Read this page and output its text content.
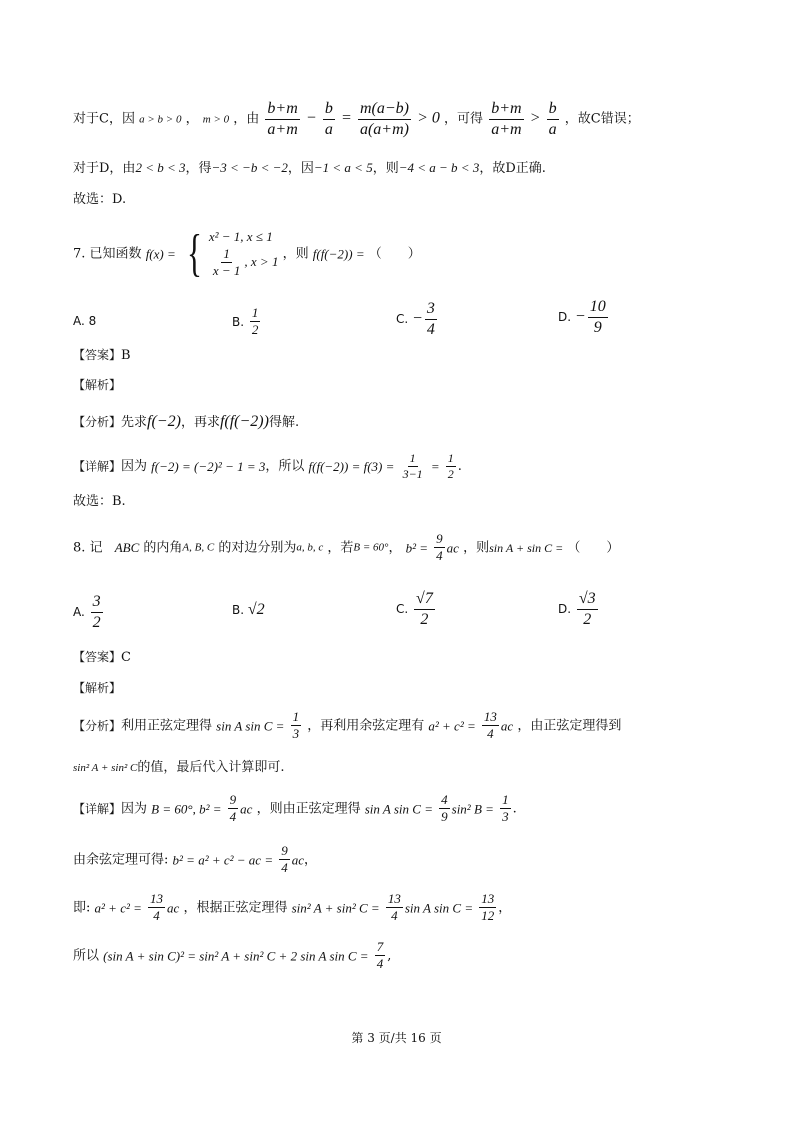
对于C，因 a > b > 0 ， m > 0 ，由 $\frac{b+m}{a+m} - \frac{b}{a} = \frac{m(a-b)}{a(a+m)} > 0$ ，可得 $\frac{b+m}{a+m} > \frac{b}{a}$ ，故C错误；
对于D，由2 < b < 3，得−3 < −b < −2，因−1 < a < 5，则−4 < a − b < 3，故D正确.
故选：D.
7. 已知函数 f(x) = { x² − 1, x ≤ 1
$\frac{1}{x - 1}$ , x > 1 ，则 f(f(−2)) = （　　）
A. 8	B. $\frac{1}{2}$	C. − $\frac{3}{4}$	D. − $\frac{10}{9}$
【答案】B
【解析】
【分析】先求f(−2)，再求f(f(−2))得解.
【详解】因为 f(−2) = (−2)² − 1 = 3，所以 $f(f(-2)) = f(3) = \frac{1}{3-1} = \frac{1}{2}$ .
故选：B.
8. 记 ABC 的内角A, B, C 的对边分别为a, b, c ，若B = 60°， $b^2 = \frac{9}{4}$ ac ，则sin A + sin C = （　　）
A. $\frac{3}{2}$	B. √2	C. $\frac{√7}{2}$	D. $\frac{√3}{2}$
【答案】C
【解析】
【分析】利用正弦定理得 sin A $\sin C = \frac{1}{3}$ ，再利用余弦定理有 $a^2 + c^2 = \frac{13}{4}$ ac ，由正弦定理得到
sin² A + sin² C的值，最后代入计算即可.
【详解】因为 B = 60°, $b^2 = \frac{9}{4}$ ac ，则由正弦定理得 sin A $\sin C = \frac{4}{9} \sin^2$ $B = \frac{1}{3}$ .
由余弦定理可得: b² = a² + c² − ac = $\frac{9}{4}$ ac，
即: $a^2 + c^2 = \frac{13}{4}$ ac ，根据正弦定理得 sin² A + sin² $C = \frac{13}{4}$ sin A $\sin C = \frac{13}{12}$ ，
所以 (sin A + sin C)² = sin² A + sin² C + 2 sin A $\sin C = \frac{7}{4}$ ,
第 3 页/共 16 页
